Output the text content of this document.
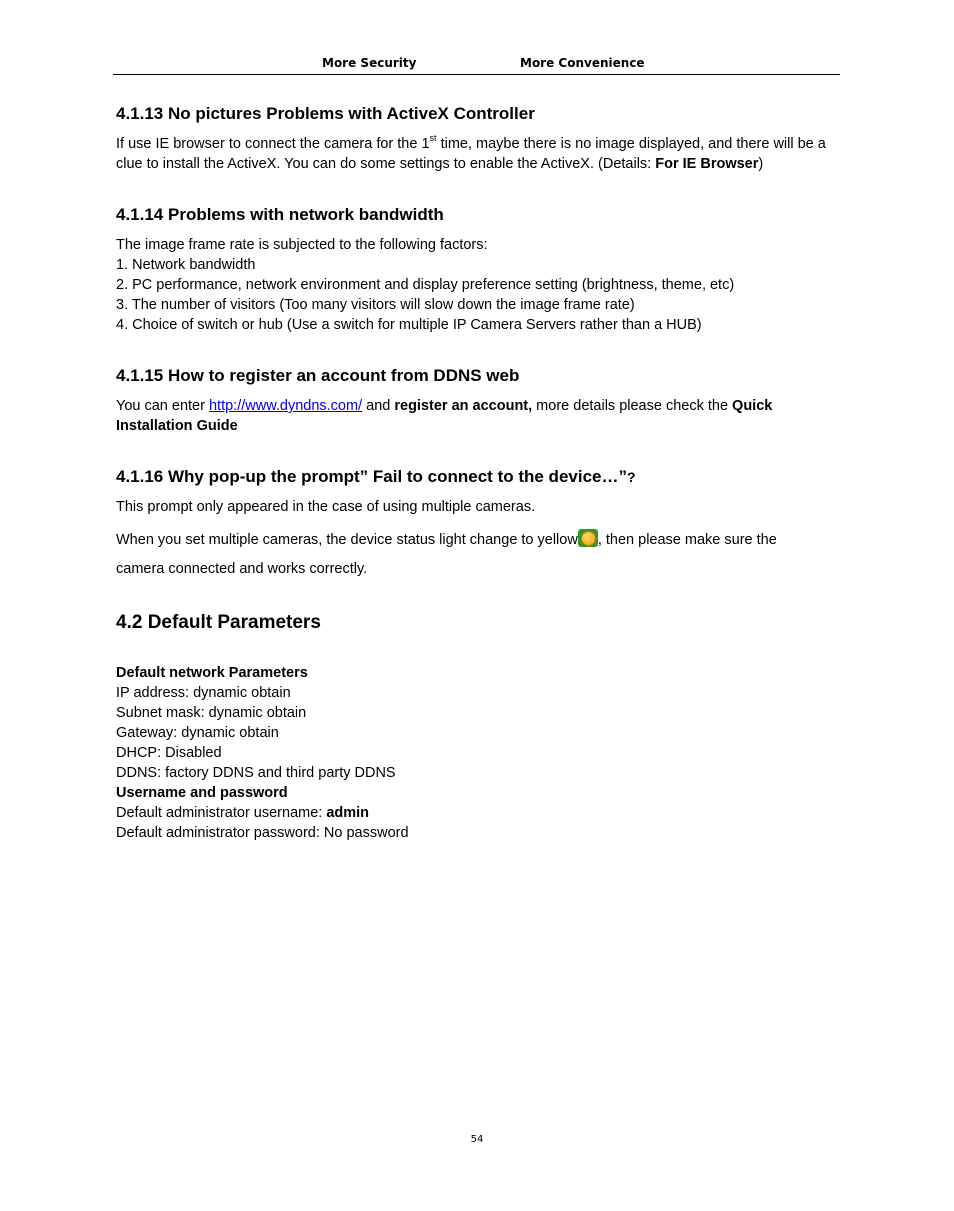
More Security	More Convenience
4.1.13 No pictures Problems with ActiveX Controller

If use IE browser to connect the camera for the 1st time, maybe there is no image displayed, and there will be a clue to install the ActiveX. You can do some settings to enable the ActiveX. (Details: For IE Browser)

4.1.14 Problems with network bandwidth
The image frame rate is subjected to the following factors:
1. Network bandwidth
2. PC performance, network environment and display preference setting (brightness, theme, etc)
3. The number of visitors (Too many visitors will slow down the image frame rate)
4. Choice of switch or hub (Use a switch for multiple IP Camera Servers rather than a HUB)
4.1.15 How to register an account from DDNS web

You can enter http://www.dyndns.com/ and register an account, more details please check the Quick Installation Guide

4.1.16 Why pop-up the prompt” Fail to connect to the device…”?

This prompt only appeared in the case of using multiple cameras.

When you set multiple cameras, the device status light change to yellow , then please make sure the

camera connected and works correctly.

4.2 Default Parameters
Default network Parameters
IP address: dynamic obtain
Subnet mask: dynamic obtain
Gateway: dynamic obtain
DHCP: Disabled
DDNS: factory DDNS and third party DDNS
Username and password
Default administrator username: admin
Default administrator password: No password
54
